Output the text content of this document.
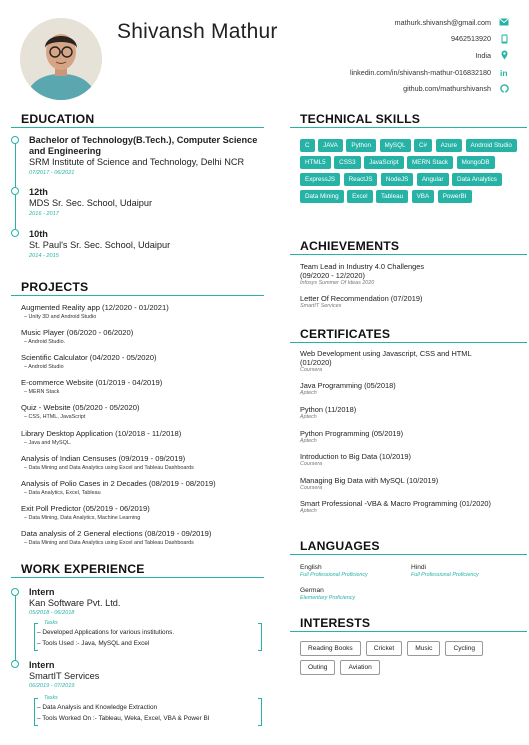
Shivansh Mathur	mathurk.shivansh@gmail.com
9462513920
India
linkedin.com/in/shivansh-mathur-016832180 in
github.com/mathurshivansh
EDUCATION
Bachelor of Technology(B.Tech.), Computer Science and Engineering
SRM Institute of Science and Technology, Delhi NCR
07/2017 - 06/2021
12th
MDS Sr. Sec. School, Udaipur
2016 - 2017
10th
St. Paul's Sr. Sec. School, Udaipur
2014 - 2015
PROJECTS
Augmented Reality app (12/2020 - 01/2021)
– Unity 3D and Android Studio
Music Player (06/2020 - 06/2020)
– Android Studio.
Scientific Calculator (04/2020 - 05/2020)
– Android Studio
E-commerce Website (01/2019 - 04/2019)
– MERN Stack
Quiz - Website (05/2020 - 05/2020)
– CSS, HTML, JavaScript
Library Desktop Application (10/2018 - 11/2018)
– Java and MySQL.
Analysis of Indian Censuses (09/2019 - 09/2019)
– Data Mining and Data Analytics using Excel and Tableau Dashboards
Analysis of Polio Cases in 2 Decades (08/2019 - 08/2019)
– Data Analytics, Excel, Tableau
Exit Poll Predictor (05/2019 - 06/2019)
– Data Mining, Data Analytics, Machine Learning
Data analysis of 2 General elections (08/2019 - 09/2019)
– Data Mining and Data Analytics using Excel and Tableau Dashboards
WORK EXPERIENCE
Intern
Kan Software Pvt. Ltd.
05/2018 - 06/2018
Tasks
– Developed Applications for various institutions.
– Tools Used :- Java, MySQL and Excel
Intern
SmartIT Services
06/2019 - 07/2019
Tasks
– Data Analysis and Knowledge Extraction
– Tools Worked On :- Tableau, Weka, Excel, VBA & Power BI
TECHNICAL SKILLS
C	JAVA	Python	MySQL	C#	Azure	Android Studio
HTML5	CSS3	JavaScript	MERN Stack	MongoDB
ExpressJS	ReactJS	NodeJS	Angular	Data Analytics
Data Mining	Excel	Tableau	VBA	PowerBI
ACHIEVEMENTS
Team Lead in Industry 4.0 Challenges (09/2020 - 12/2020)
Infosys Summer Of Ideas 2020
Letter Of Recommendation (07/2019)
SmartIT Services
CERTIFICATES
Web Development using Javascript, CSS and HTML (01/2020)
Coursera
Java Programming (05/2018)
Aptech
Python (11/2018)
Aptech
Python Programming (05/2019)
Aptech
Introduction to Big Data (10/2019)
Coursera
Managing Big Data with MySQL (10/2019)
Coursera
Smart Professional -VBA & Macro Programming (01/2020)
Aptech
LANGUAGES
English
Full Professional Proficiency
Hindi
Full Professional Proficiency
German
Elementary Proficiency
INTERESTS
Reading Books	Cricket	Music	Cycling
Outing	Aviation
